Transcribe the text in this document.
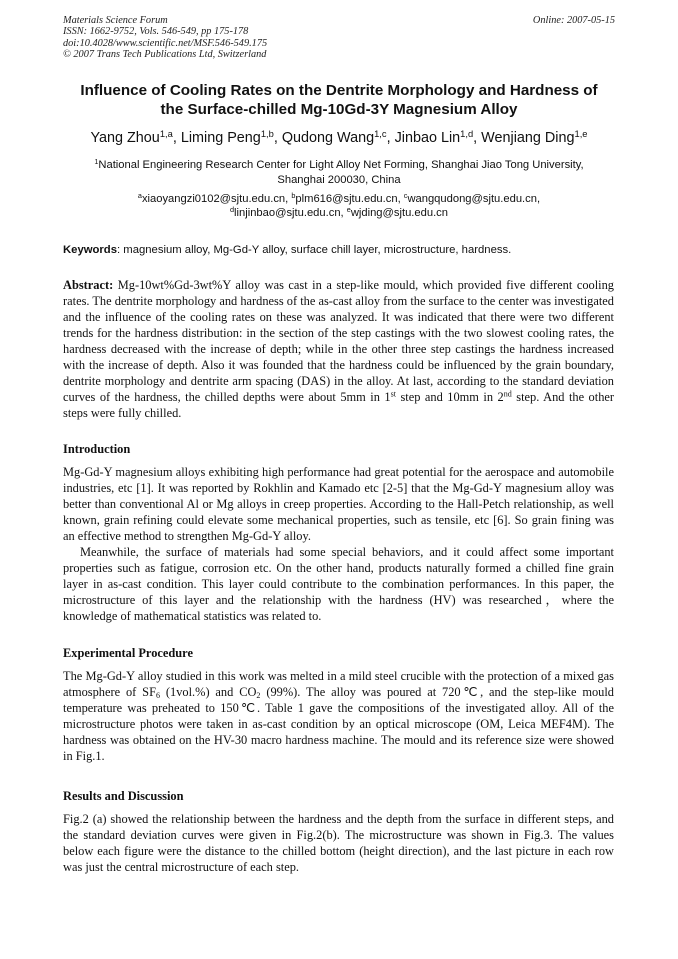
Materials Science Forum
ISSN: 1662-9752, Vols. 546-549, pp 175-178
doi:10.4028/www.scientific.net/MSF.546-549.175
© 2007 Trans Tech Publications Ltd, Switzerland
Online: 2007-05-15
Influence of Cooling Rates on the Dentrite Morphology and Hardness of
the Surface-chilled Mg-10Gd-3Y Magnesium Alloy
Yang Zhou$^{1,a}$, Liming Peng$^{1,b}$, Qudong Wang$^{1,c}$, Jinbao Lin$^{1,d}$, Wenjiang Ding$^{1,e}$
$^1$National Engineering Research Center for Light Alloy Net Forming, Shanghai Jiao Tong University,
Shanghai 200030, China
$^a$xiaoyangzi0102@sjtu.edu.cn, $^b$plm616@sjtu.edu.cn, $^c$wangqudong@sjtu.edu.cn,
$^d$linjinbao@sjtu.edu.cn, $^e$wjding@sjtu.edu.cn
Keywords: magnesium alloy, Mg-Gd-Y alloy, surface chill layer, microstructure, hardness.

Abstract: Mg-10wt%Gd-3wt%Y alloy was cast in a step-like mould, which provided five different cooling rates. The dentrite morphology and hardness of the as-cast alloy from the surface to the center was investigated and the influence of the cooling rates on these was analyzed. It was indicated that there were two different trends for the hardness distribution: in the section of the step castings with the two slowest cooling rates, the hardness decreased with the increase of depth; while in the other three step castings the hardness increased with the increase of depth. Also it was founded that the hardness could be influenced by the grain boundary, dentrite morphology and dentrite arm spacing (DAS) in the alloy. At last, according to the standard deviation curves of the hardness, the chilled depths were about 5mm in 1st step and 10mm in 2nd step. And the other steps were fully chilled.

Introduction

Mg-Gd-Y magnesium alloys exhibiting high performance had great potential for the aerospace and automobile industries, etc [1]. It was reported by Rokhlin and Kamado etc [2-5] that the Mg-Gd-Y magnesium alloy was better than conventional Al or Mg alloys in creep properties. According to the Hall-Petch relationship, as well known, grain refining could elevate some mechanical properties, such as tensile, etc [6]. So grain fining was an effective method to strengthen Mg-Gd-Y alloy.

Meanwhile, the surface of materials had some special behaviors, and it could affect some important properties such as fatigue, corrosion etc. On the other hand, products naturally formed a chilled fine grain layer in as-cast condition. This layer could contribute to the combination performances. In this paper, the microstructure of this layer and the relationship with the hardness (HV) was researched，where the knowledge of mathematical statistics was related to.

Experimental Procedure

The Mg-Gd-Y alloy studied in this work was melted in a mild steel crucible with the protection of a mixed gas atmosphere of $SF_6$ (1vol.%) and $CO_2$ (99%). The alloy was poured at 720℃, and the step-like mould temperature was preheated to 150℃. Table 1 gave the compositions of the investigated alloy. All of the microstructure photos were taken in as-cast condition by an optical microscope (OM, Leica MEF4M). The hardness was obtained on the HV-30 macro hardness machine. The mould and its reference size were showed in Fig.1.

Results and Discussion

Fig.2 (a) showed the relationship between the hardness and the depth from the surface in different steps, and the standard deviation curves were given in Fig.2(b). The microstructure was shown in Fig.3. The values below each figure were the distance to the chilled bottom (height direction), and the last picture in each row was just the central microstructure of each step.
